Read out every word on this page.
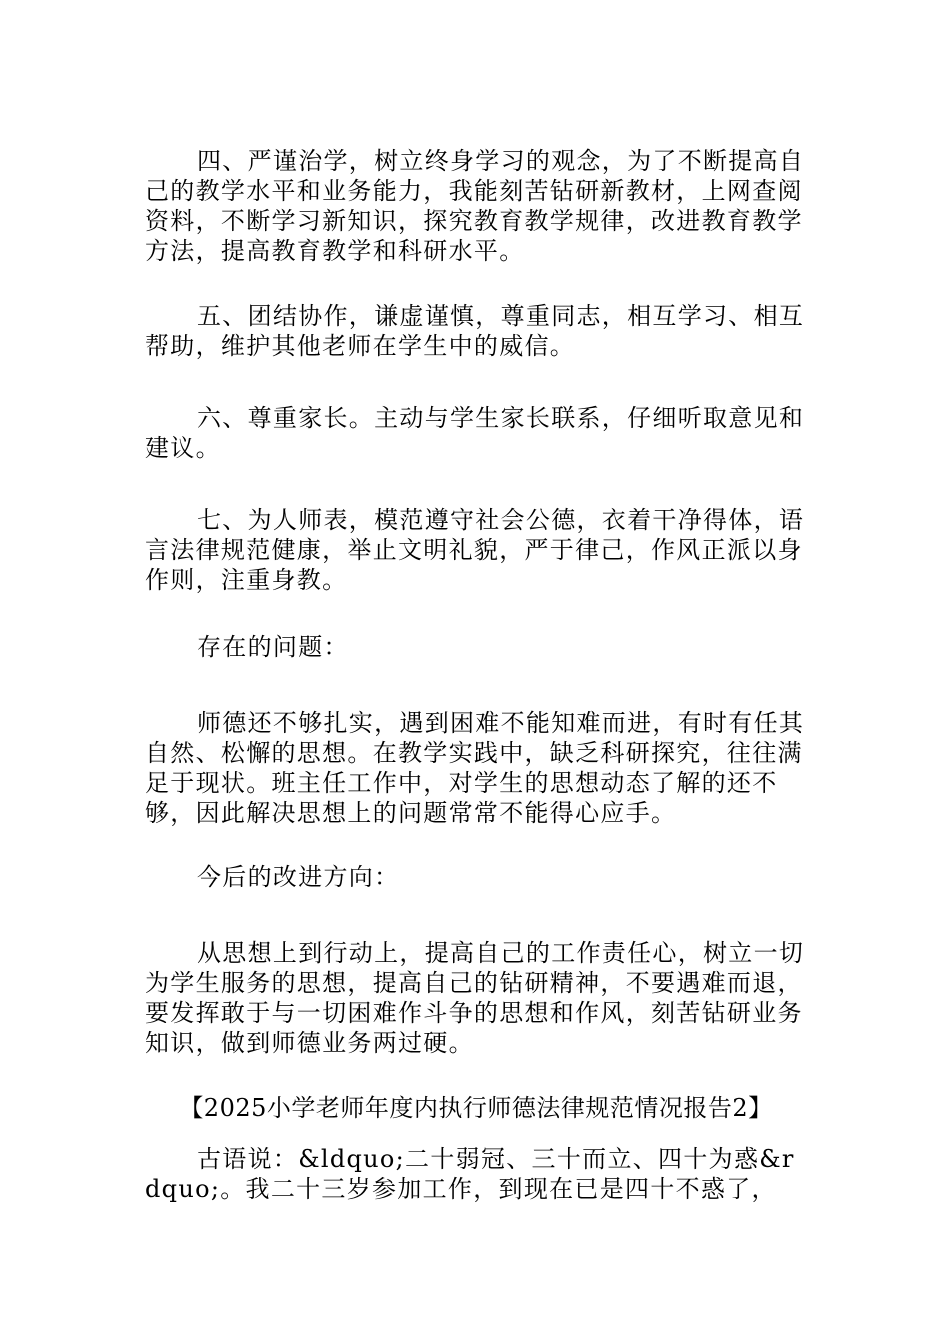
四、严谨治学，树立终身学习的观念，为了不断提高自己的教学水平和业务能力，我能刻苦钻研新教材，上网查阅资料，不断学习新知识，探究教育教学规律，改进教育教学方法，提高教育教学和科研水平。

五、团结协作，谦虚谨慎，尊重同志，相互学习、相互帮助，维护其他老师在学生中的威信。

六、尊重家长。主动与学生家长联系，仔细听取意见和建议。

七、为人师表，模范遵守社会公德，衣着干净得体，语言法律规范健康，举止文明礼貌，严于律己，作风正派以身作则，注重身教。

存在的问题：

师德还不够扎实，遇到困难不能知难而进，有时有任其自然、松懈的思想。在教学实践中，缺乏科研探究，往往满足于现状。班主任工作中，对学生的思想动态了解的还不够，因此解决思想上的问题常常不能得心应手。

今后的改进方向：

从思想上到行动上，提高自己的工作责任心，树立一切为学生服务的思想，提高自己的钻研精神，不要遇难而退，要发挥敢于与一切困难作斗争的思想和作风，刻苦钻研业务知识，做到师德业务两过硬。

【2025小学老师年度内执行师德法律规范情况报告2】

古语说：&ldquo;二十弱冠、三十而立、四十为惑&rdquo;。我二十三岁参加工作，到现在已是四十不惑了，
